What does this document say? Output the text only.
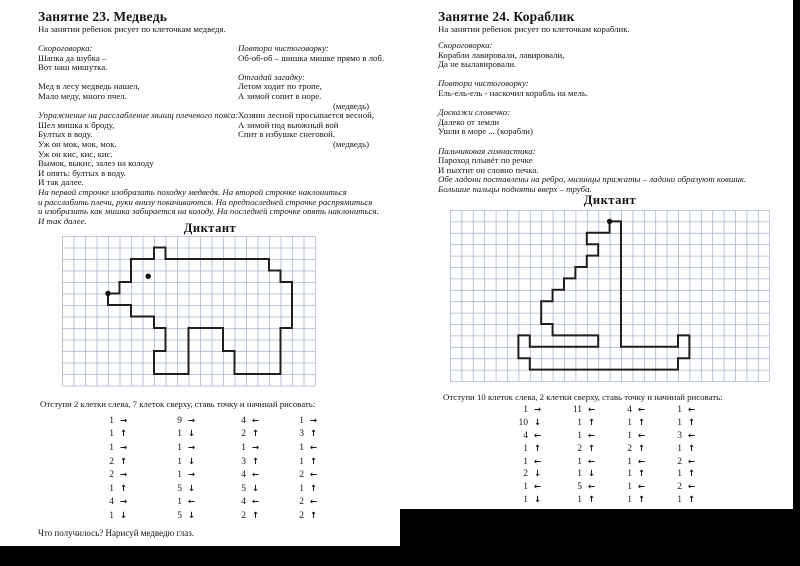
Занятие 23. Медведь
На занятии ребенок рисует по клеточкам медведя.
Скороговорка:
Шапка да шубка –
Вот наш мишутка.

Мед в лесу медведь нашел,
Мало меду, много пчел.

Упражнение на расслабление мышц плечевого пояса:
Шел мишка к броду,
Бултых в воду.
Уж он мок, мок, мок.
Уж он кис, кис, кис.
Вымок, выкис, залез на колоду
И опять: бултых в воду.
И так далее.
Повтори чистоговорку:
Об-об-об – шишка мишке прямо в лоб.

Отгадай загадку:
Летом ходит по тропе,
А зимой сопит в норе.
(медведь)
Хозяин лесной просыпается весной,
А зимой под вьюжный вой
Спит в избушке снеговой.
(медведь)
На первой строчке изобразить походку медведя. На второй строчке наклониться
и расслабить плечи, руки внизу покачиваются. На предпоследней строчке распрямиться
и изобразить как мишка забирается на колоду. На последней строчке опять наклониться.
И так далее.	Диктант
Отступи 2 клетки слева, 7 клеток сверху, ставь точку и начинай рисовать:
1 →	9 →	4 ←	1 →
1 ↑	1 ↓	2 ↑	3 ↑
1 →	1 →	1 →	1 ←
2 ↑	1 ↓	3 ↑	1 ↑
2 →	1 →	4 ←	2 ←
1 ↑	5 ↓	5 ↓	1 ↑
4 →	1 ←	4 ←	2 ←
1 ↓	5 ↓	2 ↑	2 ↑
Что получилось? Нарисуй медведю глаз.
Занятие 24. Кораблик
На занятии ребенок рисует по клеточкам кораблик.
Скороговорка:
Корабли лавировали, лавировали,
Да не вылавировали.

Повтори чистоговорку:
Ель-ель-ель - наскочил корабль на мель.

Доскажи словечко:
Далеко от земли
Ушли в море ... (корабли)

Пальчиковая гимнастика:
Пароход плывёт по речке
И пыхтит он словно печка.
Обе ладони поставлены на ребро, мизинцы прижаты – ладони образуют ковшик.
Большие пальцы подняты вверх – труба.
Диктант
Отступи 10 клеток слева, 2 клетки сверху, ставь точку и начинай рисовать:
1 →	11 ←	4 ←	1 ←
10 ↓	1 ↑	1 ↑	1 ↑
4 ←	1 ←	1 ←	3 ←
1 ↑	2 ↑	2 ↑	1 ↑
1 ←	1 ←	1 ←	2 ←
2 ↓	1 ↓	1 ↑	1 ↑
1 ←	5 ←	1 ←	2 ←
1 ↓	1 ↑	1 ↑	1 ↑
